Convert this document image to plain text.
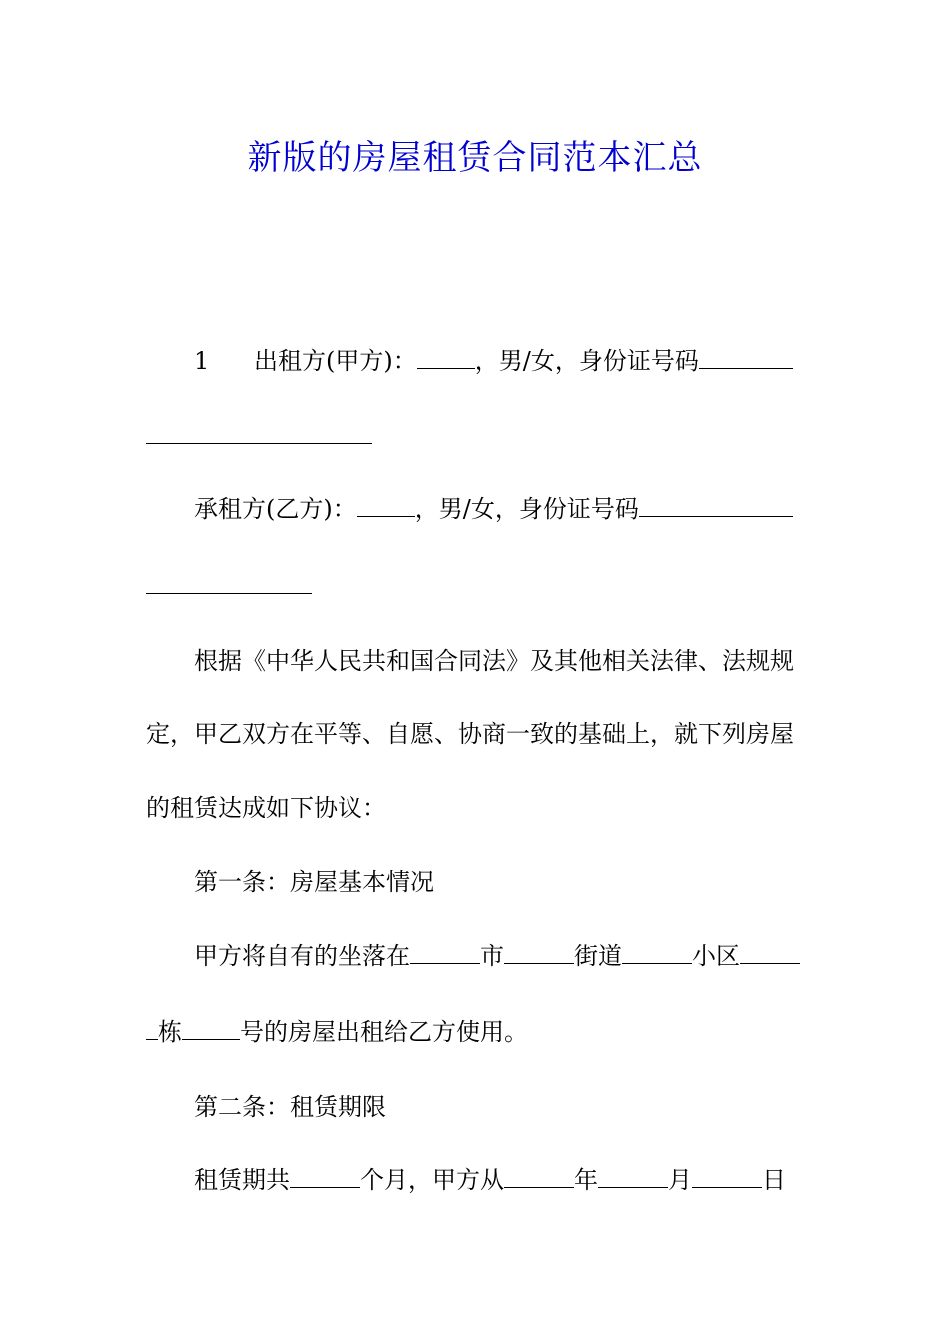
新版的房屋租赁合同范本汇总
1 出租方(甲方)： ，男/女，身份证号码
承租方(乙方)： ，男/女，身份证号码
根据《中华人民共和国合同法》及其他相关法律、法规规
定，甲乙双方在平等、自愿、协商一致的基础上，就下列房屋
的租赁达成如下协议：
第一条：房屋基本情况
甲方将自有的坐落在	市	街道	小区
栋 号的房屋出租给乙方使用。
第二条：租赁期限
租赁期共	个月，甲方从	年	月	日
